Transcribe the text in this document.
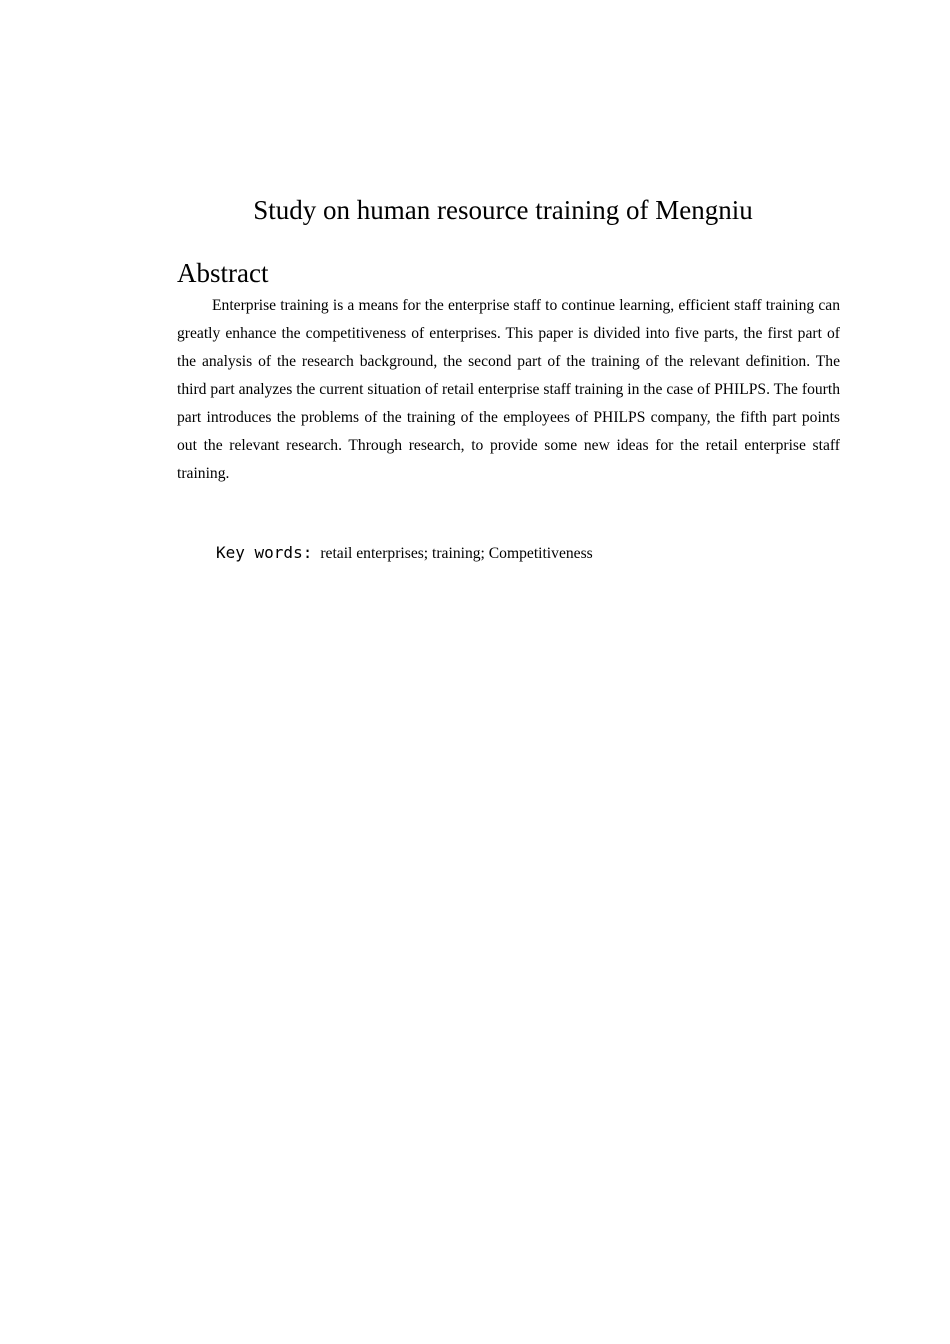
Study on human resource training of Mengniu
Abstract

Enterprise training is a means for the enterprise staff to continue learning, efficient staff training can greatly enhance the competitiveness of enterprises. This paper is divided into five parts, the first part of the analysis of the research background, the second part of the training of the relevant definition. The third part analyzes the current situation of retail enterprise staff training in the case of PHILPS. The fourth part introduces the problems of the training of the employees of PHILPS company, the fifth part points out the relevant research. Through research, to provide some new ideas for the retail enterprise staff training.

Key words: retail enterprises; training; Competitiveness
